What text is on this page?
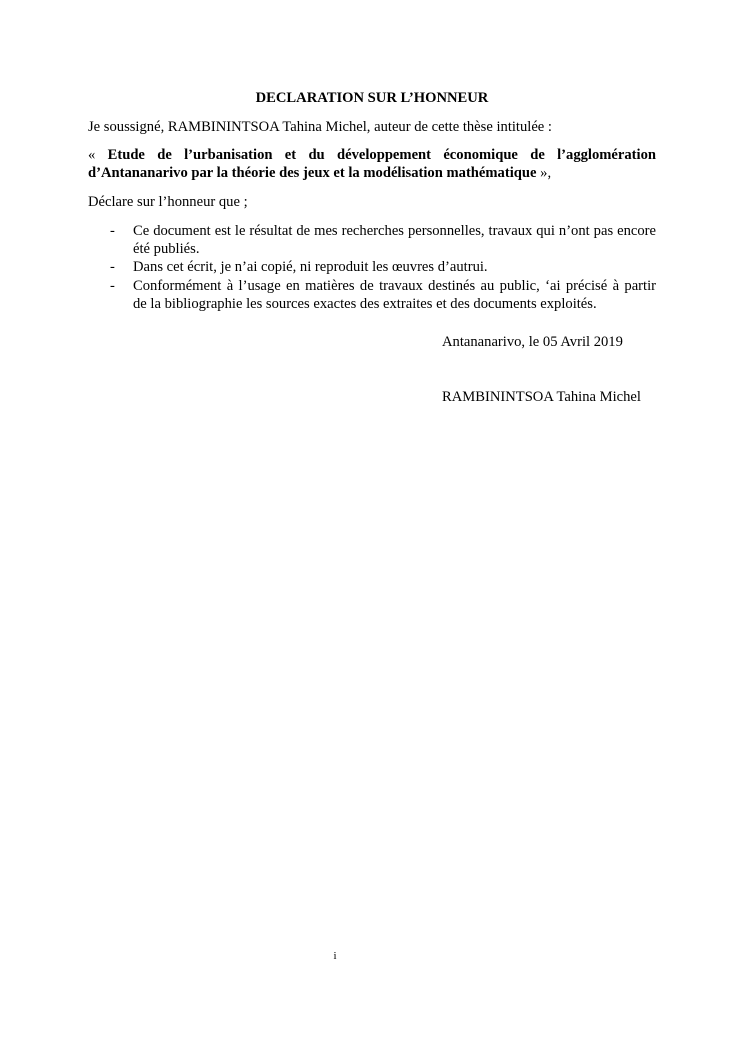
DECLARATION SUR L’HONNEUR
Je soussigné, RAMBININTSOA Tahina Michel, auteur de cette thèse intitulée :
« Etude de l’urbanisation et du développement économique de l’agglomération
d’Antananarivo par la théorie des jeux et la modélisation mathématique »,
Déclare sur l’honneur que ;
- Ce document est le résultat de mes recherches personnelles, travaux qui n’ont pas encore
été publiés.
- Dans cet écrit, je n’ai copié, ni reproduit les œuvres d’autrui.
- Conformément à l’usage en matières de travaux destinés au public, ‘ai précisé à partir
de la bibliographie les sources exactes des extraites et des documents exploités.
Antananarivo, le 05 Avril 2019
RAMBININTSOA Tahina Michel
i
